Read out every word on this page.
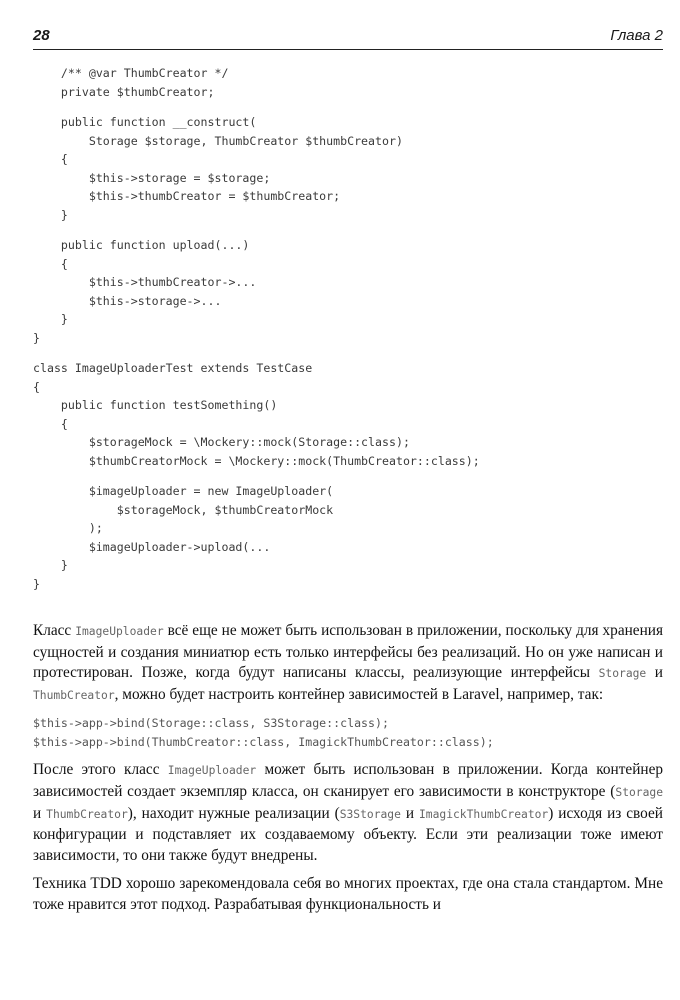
28	Глава 2
/** @var ThumbCreator */
private $thumbCreator;
public function __construct(
Storage $storage, ThumbCreator $thumbCreator)
{
$this->storage = $storage;
$this->thumbCreator = $thumbCreator;
}
public function upload(...)
{
$this->thumbCreator->...
$this->storage->...
}
}
class ImageUploaderTest extends TestCase
{
public function testSomething()
{
$storageMock = \Mockery::mock(Storage::class);
$thumbCreatorMock = \Mockery::mock(ThumbCreator::class);
$imageUploader = new ImageUploader(
$storageMock, $thumbCreatorMock
);
$imageUploader->upload(...
}
}

Класс ImageUploader всё еще не может быть использован в приложении, поскольку для хранения сущностей и создания миниатюр есть только интерфейсы без реализаций. Но он уже написан и протестирован. Позже, когда будут написаны классы, реализующие интерфейсы Storage и ThumbCreator, можно будет настроить контейнер зависимостей в Laravel, например, так:

$this->app->bind(Storage::class, S3Storage::class);
$this->app->bind(ThumbCreator::class, ImagickThumbCreator::class);

После этого класс ImageUploader может быть использован в приложении. Когда контейнер зависимостей создает экземпляр класса, он сканирует его зависимости в конструкторе (Storage и ThumbCreator), находит нужные реализации (S3Storage и ImagickThumbCreator) исходя из своей конфигурации и подставляет их создаваемому объекту. Если эти реализации тоже имеют зависимости, то они также будут внедрены.

Техника TDD хорошо зарекомендовала себя во многих проектах, где она стала стандартом. Мне тоже нравится этот подход. Разрабатывая функциональность и
